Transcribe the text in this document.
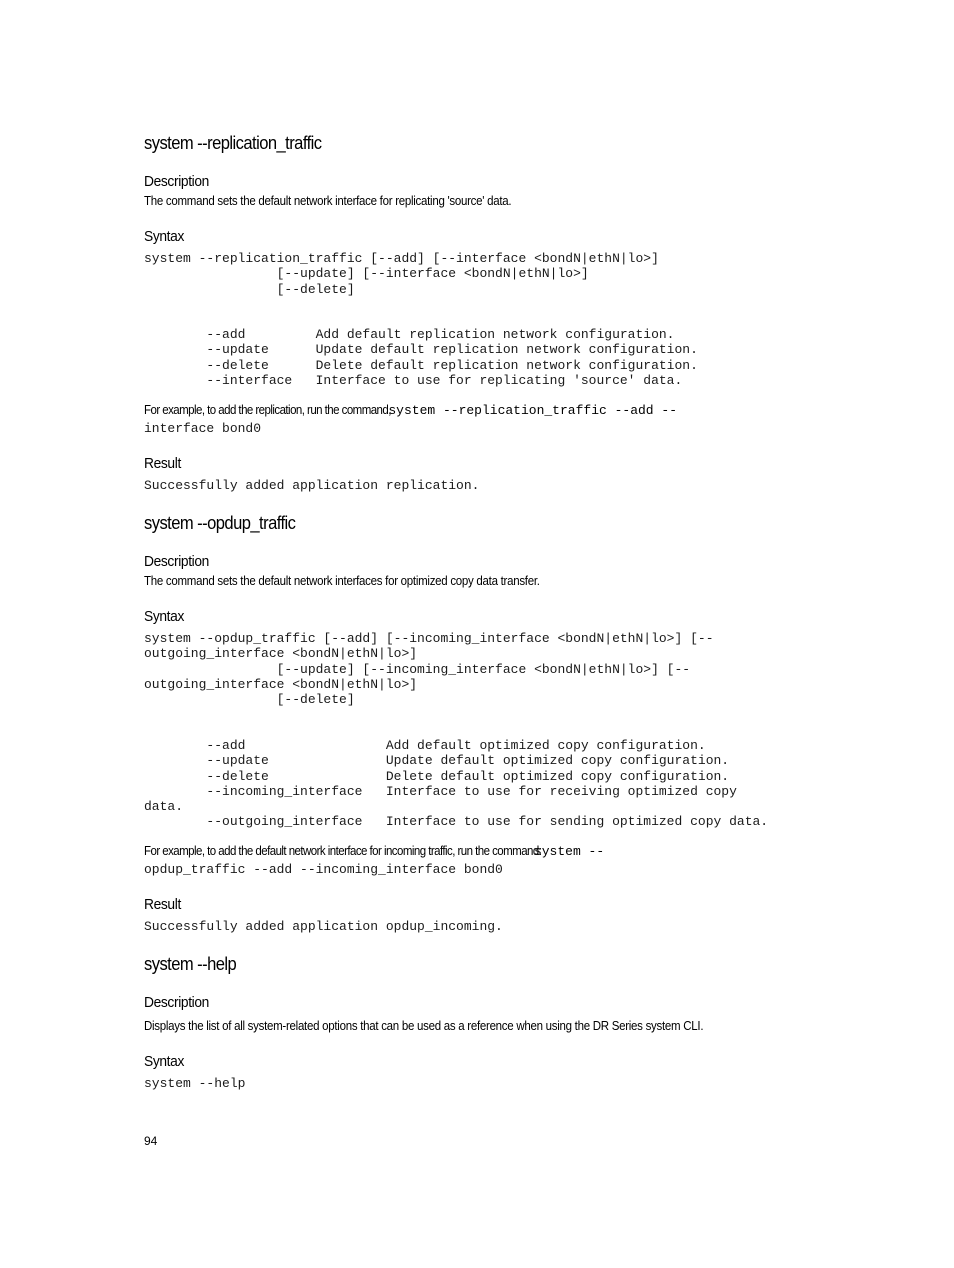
system --replication_traffic
Description
The command sets the default network interface for replicating 'source' data.
Syntax
system --replication_traffic [--add] [--interface <bondN|ethN|lo>]
[--update] [--interface <bondN|ethN|lo>]
[--delete]
--add         Add default replication network configuration.
--update      Update default replication network configuration.
--delete      Delete default replication network configuration.
--interface   Interface to use for replicating 'source' data.
For example, to add the replication, run the command,system --replication_traffic --add --
interface bond0
Result
Successfully added application replication.
system --opdup_traffic
Description
The command sets the default network interfaces for optimized copy data transfer.
Syntax
system --opdup_traffic [--add] [--incoming_interface <bondN|ethN|lo>] [--
outgoing_interface <bondN|ethN|lo>]
[--update] [--incoming_interface <bondN|ethN|lo>] [--
outgoing_interface <bondN|ethN|lo>]
[--delete]
--add                  Add default optimized copy configuration.
--update               Update default optimized copy configuration.
--delete               Delete default optimized copy configuration.
--incoming_interface   Interface to use for receiving optimized copy
data.
--outgoing_interface   Interface to use for sending optimized copy data.
For example, to add the default network interface for incoming traffic, run the command:system --
opdup_traffic --add --incoming_interface bond0
Result
Successfully added application opdup_incoming.
system --help
Description
Displays the list of all system-related options that can be used as a reference when using the DR Series system CLI.
Syntax
system --help
94
